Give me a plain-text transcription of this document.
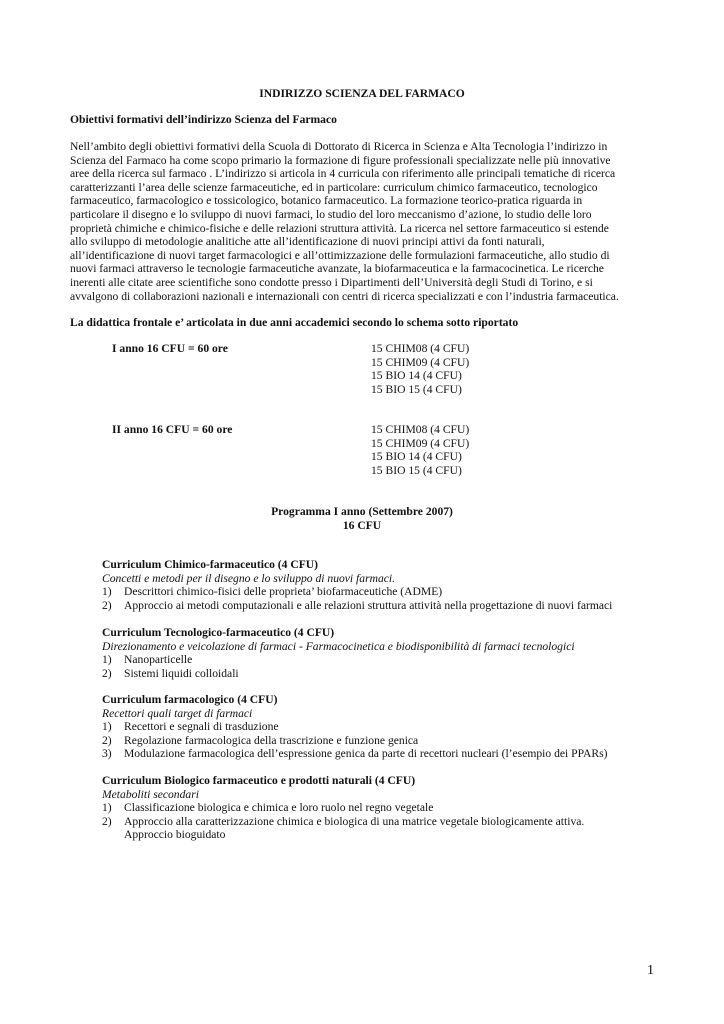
INDIRIZZO SCIENZA DEL FARMACO
Obiettivi formativi dell’indirizzo Scienza del Farmaco
Nell’ambito degli obiettivi formativi della Scuola di Dottorato di Ricerca in Scienza e Alta Tecnologia l’indirizzo in
Scienza del Farmaco ha come scopo primario la formazione di figure professionali specializzate nelle più innovative
aree della ricerca sul farmaco . L’indirizzo si articola in 4 curricula con riferimento alle principali tematiche di ricerca
caratterizzanti l’area delle scienze farmaceutiche, ed in particolare: curriculum chimico farmaceutico, tecnologico
farmaceutico, farmacologico e tossicologico, botanico farmaceutico. La formazione teorico-pratica riguarda in
particolare il disegno e lo sviluppo di nuovi farmaci, lo studio del loro meccanismo d’azione, lo studio delle loro
proprietà chimiche e chimico-fisiche e delle relazioni struttura attività. La ricerca nel settore farmaceutico si estende
allo sviluppo di metodologie analitiche atte all’identificazione di nuovi principi attivi da fonti naturali,
all’identificazione di nuovi target farmacologici e all’ottimizzazione delle formulazioni farmaceutiche, allo studio di
nuovi farmaci attraverso le tecnologie farmaceutiche avanzate, la biofarmaceutica e la farmacocinetica. Le ricerche
inerenti alle citate aree scientifiche sono condotte presso i Dipartimenti dell’Università degli Studi di Torino, e si
avvalgono di collaborazioni nazionali e internazionali con centri di ricerca specializzati e con l’industria farmaceutica.
La didattica frontale e’ articolata in due anni accademici secondo lo schema sotto riportato
I anno 16 CFU = 60 ore	15 CHIM08 (4 CFU)
15 CHIM09 (4 CFU)
15 BIO 14 (4 CFU)
15 BIO 15 (4 CFU)
II anno 16 CFU = 60 ore	15 CHIM08 (4 CFU)
15 CHIM09 (4 CFU)
15 BIO 14 (4 CFU)
15 BIO 15 (4 CFU)
Programma I anno (Settembre 2007)
16 CFU
Curriculum Chimico-farmaceutico (4 CFU)
Concetti e metodi per il disegno e lo sviluppo di nuovi farmaci.
1)	Descrittori chimico-fisici delle proprieta’ biofarmaceutiche (ADME)
2)	Approccio ai metodi computazionali e alle relazioni struttura attività nella progettazione di nuovi farmaci
Curriculum Tecnologico-farmaceutico (4 CFU)
Direzionamento e veicolazione di farmaci - Farmacocinetica e biodisponibilità di farmaci tecnologici
1)	Nanoparticelle
2)	Sistemi liquidi colloidali
Curriculum farmacologico (4 CFU)
Recettori quali target di farmaci
1)	Recettori e segnali di trasduzione
2)	Regolazione farmacologica della trascrizione e funzione genica
3)	Modulazione farmacologica dell’espressione genica da parte di recettori nucleari (l’esempio dei PPARs)
Curriculum Biologico farmaceutico e prodotti naturali (4 CFU)
Metaboliti secondari
1)	Classificazione biologica e chimica e loro ruolo nel regno vegetale
2)	Approccio alla caratterizzazione chimica e biologica di una matrice vegetale biologicamente attiva.
Approccio bioguidato
1
